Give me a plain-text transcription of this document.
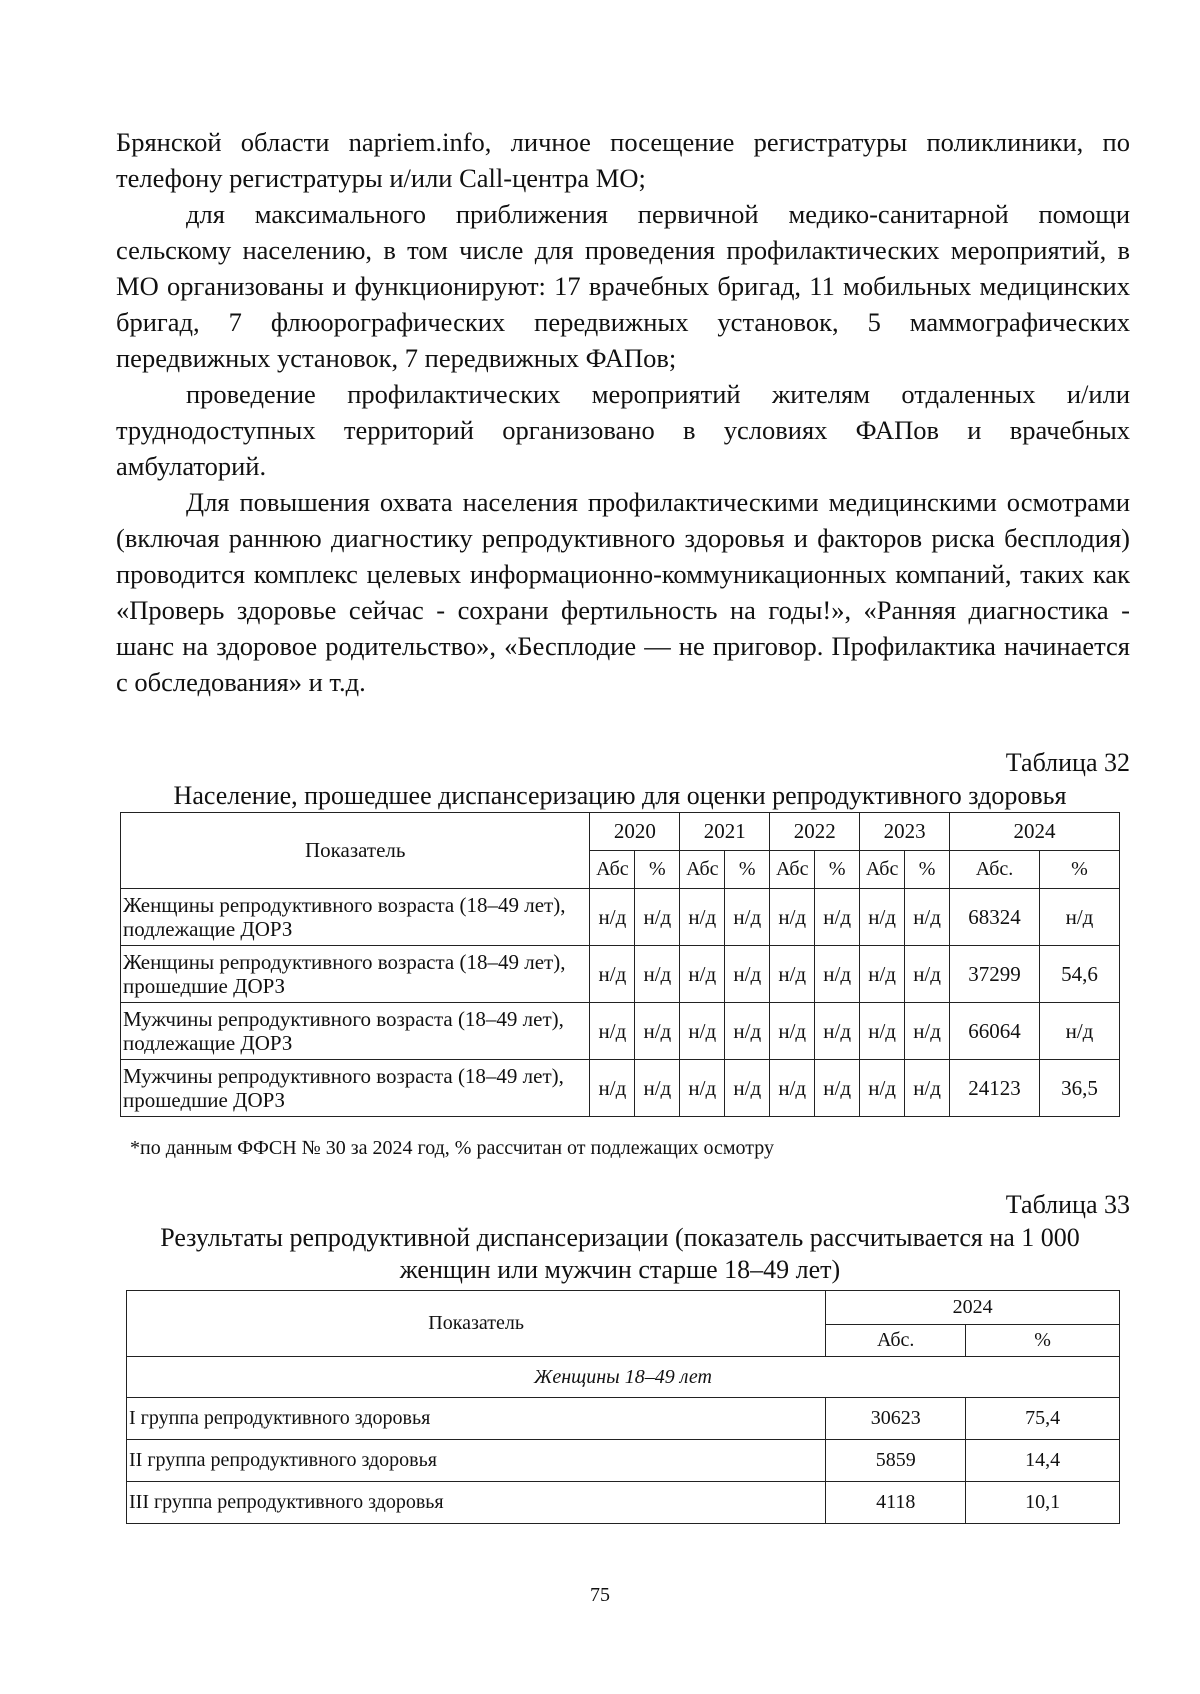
Брянской области napriem.info, личное посещение регистратуры поликлиники, по телефону регистратуры и/или Call-центра МО;

для максимального приближения первичной медико-санитарной помощи сельскому населению, в том числе для проведения профилактических мероприятий, в МО организованы и функционируют: 17 врачебных бригад, 11 мобильных медицинских бригад, 7 флюорографических передвижных установок, 5 маммографических передвижных установок, 7 передвижных ФАПов;

проведение профилактических мероприятий жителям отдаленных и/или труднодоступных территорий организовано в условиях ФАПов и врачебных амбулаторий.

Для повышения охвата населения профилактическими медицинскими осмотрами (включая раннюю диагностику репродуктивного здоровья и факторов риска бесплодия) проводится комплекс целевых информационно-коммуникационных компаний, таких как «Проверь здоровье сейчас - сохрани фертильность на годы!», «Ранняя диагностика - шанс на здоровое родительство», «Бесплодие — не приговор. Профилактика начинается с обследования» и т.д.

Таблица 32

Население, прошедшее диспансеризацию для оценки репродуктивного здоровья

Показатель	2020		2021		2022		2023		2024	
	Абс	%	Абс	%	Абс	%	Абс	%	Абс.	%
Женщины репродуктивного возраста (18–49 лет), подлежащие ДОРЗ	н/д	н/д	н/д	н/д	н/д	н/д	н/д	н/д	68324	н/д
Женщины репродуктивного возраста (18–49 лет), прошедшие ДОРЗ	н/д	н/д	н/д	н/д	н/д	н/д	н/д	н/д	37299	54,6
Мужчины репродуктивного возраста (18–49 лет), подлежащие ДОРЗ	н/д	н/д	н/д	н/д	н/д	н/д	н/д	н/д	66064	н/д
Мужчины репродуктивного возраста (18–49 лет), прошедшие ДОРЗ	н/д	н/д	н/д	н/д	н/д	н/д	н/д	н/д	24123	36,5

*по данным ФФСН № 30 за 2024 год, % рассчитан от подлежащих осмотру

Таблица 33

Результаты репродуктивной диспансеризации (показатель рассчитывается на 1 000

женщин или мужчин старше 18–49 лет)

Показатель	2024	
	Абс.	%
Женщины 18–49 лет		
I группа репродуктивного здоровья	30623	75,4
II группа репродуктивного здоровья	5859	14,4
III группа репродуктивного здоровья	4118	10,1

75
